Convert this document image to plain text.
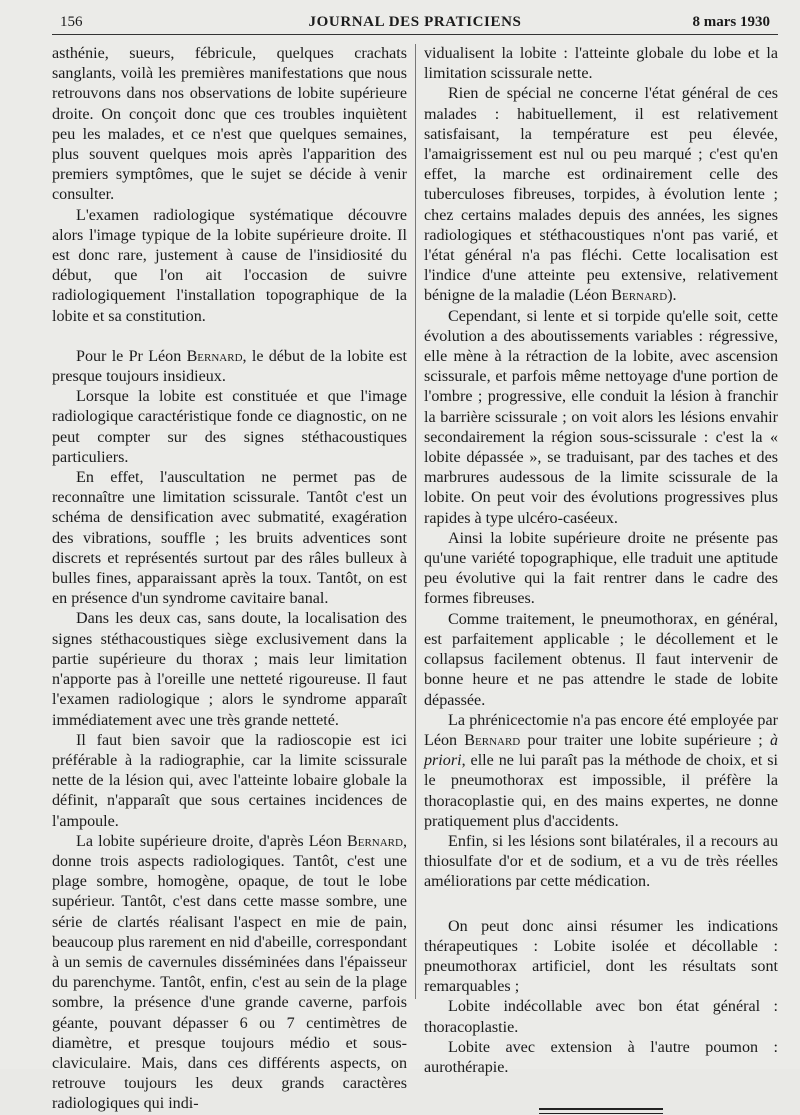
156	JOURNAL DES PRATICIENS	8 mars 1930

asthénie, sueurs, fébricule, quelques crachats sanglants, voilà les premières manifestations que nous retrouvons dans nos observations de lobite supérieure droite. On conçoit donc que ces troubles inquiètent peu les malades, et ce n'est que quelques semaines, plus souvent quelques mois après l'apparition des premiers symptômes, que le sujet se décide à venir consulter.

L'examen radiologique systématique découvre alors l'image typique de la lobite supérieure droite. Il est donc rare, justement à cause de l'insidiosité du début, que l'on ait l'occasion de suivre radiologiquement l'installation topographique de la lobite et sa constitution.

Pour le Pr Léon Bernard, le début de la lobite est presque toujours insidieux.

Lorsque la lobite est constituée et que l'image radiologique caractéristique fonde ce diagnostic, on ne peut compter sur des signes stéthacoustiques particuliers.

En effet, l'auscultation ne permet pas de reconnaître une limitation scissurale. Tantôt c'est un schéma de densification avec submatité, exagération des vibrations, souffle ; les bruits adventices sont discrets et représentés surtout par des râles bulleux à bulles fines, apparaissant après la toux. Tantôt, on est en présence d'un syndrome cavitaire banal.

Dans les deux cas, sans doute, la localisation des signes stéthacoustiques siège exclusivement dans la partie supérieure du thorax ; mais leur limitation n'apporte pas à l'oreille une netteté rigoureuse. Il faut l'examen radiologique ; alors le syndrome apparaît immédiatement avec une très grande netteté.

Il faut bien savoir que la radioscopie est ici préférable à la radiographie, car la limite scissurale nette de la lésion qui, avec l'atteinte lobaire globale la définit, n'apparaît que sous certaines incidences de l'ampoule.

La lobite supérieure droite, d'après Léon Bernard, donne trois aspects radiologiques. Tantôt, c'est une plage sombre, homogène, opaque, de tout le lobe supérieur. Tantôt, c'est dans cette masse sombre, une série de clartés réalisant l'aspect en mie de pain, beaucoup plus rarement en nid d'abeille, correspondant à un semis de cavernules disséminées dans l'épaisseur du parenchyme. Tantôt, enfin, c'est au sein de la plage sombre, la présence d'une grande caverne, parfois géante, pouvant dépasser 6 ou 7 centimètres de diamètre, et presque toujours médio et sous-claviculaire. Mais, dans ces différents aspects, on retrouve toujours les deux grands caractères radiologiques qui indi-

vidualisent la lobite : l'atteinte globale du lobe et la limitation scissurale nette.

Rien de spécial ne concerne l'état général de ces malades : habituellement, il est relativement satisfaisant, la température est peu élevée, l'amaigrissement est nul ou peu marqué ; c'est qu'en effet, la marche est ordinairement celle des tuberculoses fibreuses, torpides, à évolution lente ; chez certains malades depuis des années, les signes radiologiques et stéthacoustiques n'ont pas varié, et l'état général n'a pas fléchi. Cette localisation est l'indice d'une atteinte peu extensive, relativement bénigne de la maladie (Léon Bernard).

Cependant, si lente et si torpide qu'elle soit, cette évolution a des aboutissements variables : régressive, elle mène à la rétraction de la lobite, avec ascension scissurale, et parfois même nettoyage d'une portion de l'ombre ; progressive, elle conduit la lésion à franchir la barrière scissurale ; on voit alors les lésions envahir secondairement la région sous-scissurale : c'est la « lobite dépassée », se traduisant, par des taches et des marbrures audessous de la limite scissurale de la lobite. On peut voir des évolutions progressives plus rapides à type ulcéro-caséeux.

Ainsi la lobite supérieure droite ne présente pas qu'une variété topographique, elle traduit une aptitude peu évolutive qui la fait rentrer dans le cadre des formes fibreuses.

Comme traitement, le pneumothorax, en général, est parfaitement applicable ; le décollement et le collapsus facilement obtenus. Il faut intervenir de bonne heure et ne pas attendre le stade de lobite dépassée.

La phrénicectomie n'a pas encore été employée par Léon Bernard pour traiter une lobite supérieure ; à priori, elle ne lui paraît pas la méthode de choix, et si le pneumothorax est impossible, il préfère la thoracoplastie qui, en des mains expertes, ne donne pratiquement plus d'accidents.

Enfin, si les lésions sont bilatérales, il a recours au thiosulfate d'or et de sodium, et a vu de très réelles améliorations par cette médication.

On peut donc ainsi résumer les indications thérapeutiques : Lobite isolée et décollable : pneumothorax artificiel, dont les résultats sont remarquables ;

Lobite indécollable avec bon état général : thoracoplastie.

Lobite avec extension à l'autre poumon : aurothérapie.
